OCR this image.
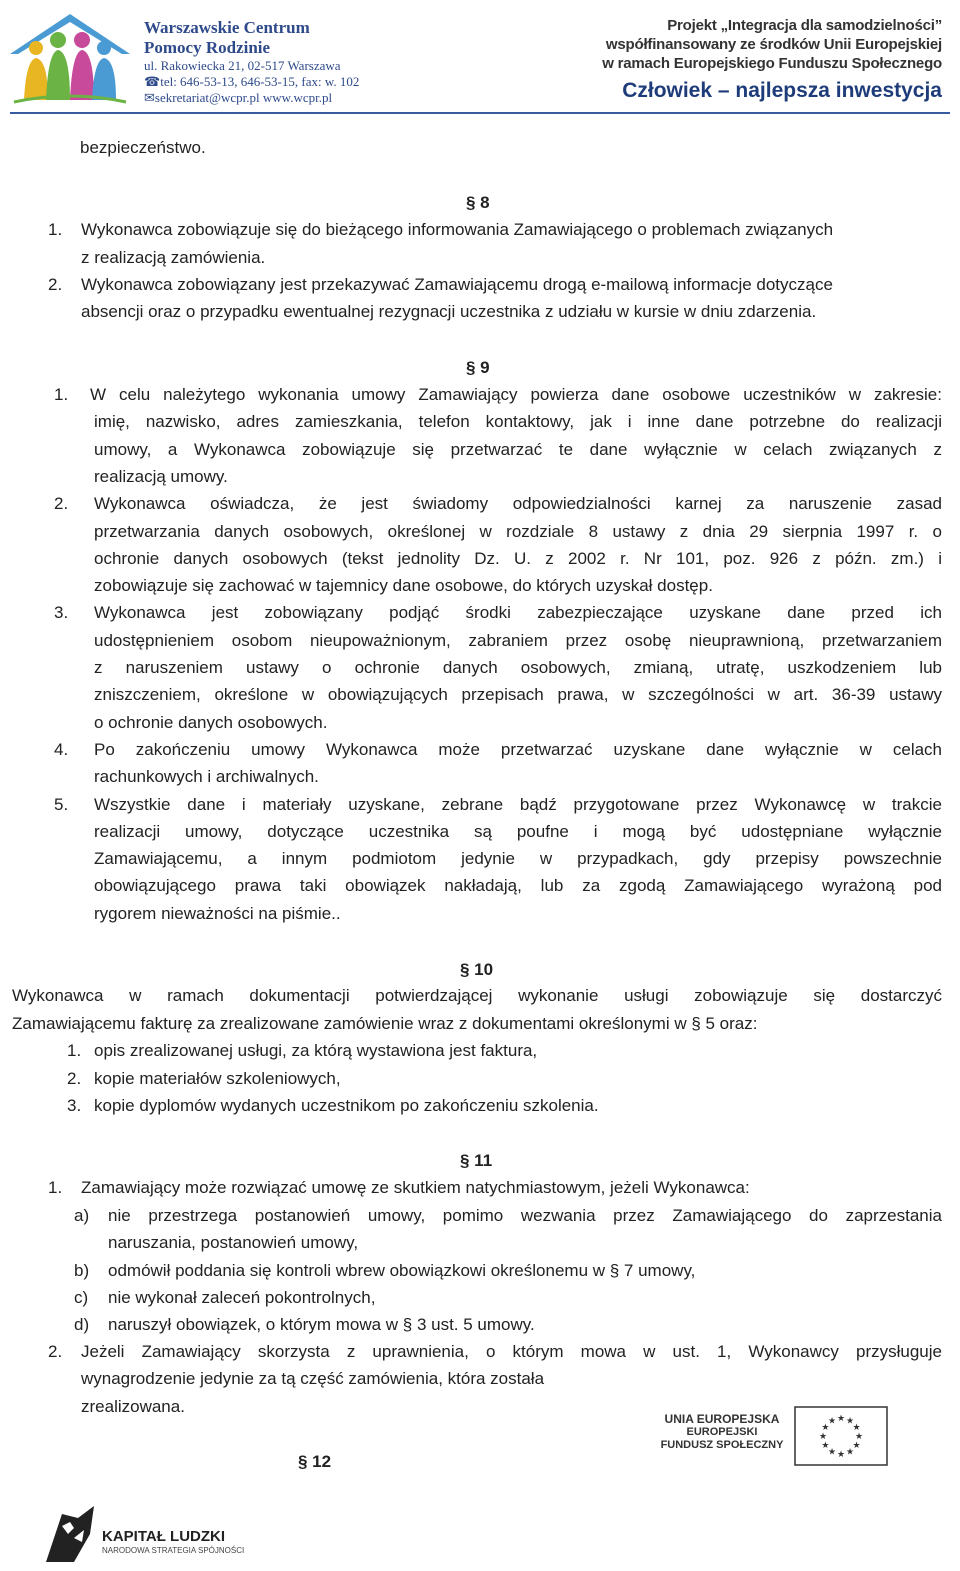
Warszawskie Centrum
Pomocy Rodzinie
ul. Rakowiecka 21, 02-517 Warszawa
☎tel: 646-53-13, 646-53-15, fax: w. 102
✉sekretariat@wcpr.pl www.wcpr.pl
Projekt „Integracja dla samodzielności”
współfinansowany ze środków Unii Europejskiej
w ramach Europejskiego Funduszu Społecznego
Człowiek – najlepsza inwestycja
bezpieczeństwo.
§ 8
1. Wykonawca zobowiązuje się do bieżącego informowania Zamawiającego o problemach związanych
z realizacją zamówienia.
2. Wykonawca zobowiązany jest przekazywać Zamawiającemu drogą e-mailową informacje dotyczące
absencji oraz o przypadku ewentualnej rezygnacji uczestnika z udziału w kursie w dniu zdarzenia.
§ 9
1. W celu należytego wykonania umowy Zamawiający powierza dane osobowe uczestników w zakresie:
imię, nazwisko, adres zamieszkania, telefon kontaktowy, jak i inne dane potrzebne do realizacji
umowy, a Wykonawca zobowiązuje się przetwarzać te dane wyłącznie w celach związanych z
realizacją umowy.
2. Wykonawca oświadcza, że jest świadomy odpowiedzialności karnej za naruszenie zasad
przetwarzania danych osobowych, określonej w rozdziale 8 ustawy z dnia 29 sierpnia 1997 r. o
ochronie danych osobowych (tekst jednolity Dz. U. z 2002 r. Nr 101, poz. 926 z późn. zm.) i
zobowiązuje się zachować w tajemnicy dane osobowe, do których uzyskał dostęp.
3. Wykonawca jest zobowiązany podjąć środki zabezpieczające uzyskane dane przed ich
udostępnieniem osobom nieupoważnionym, zabraniem przez osobę nieuprawnioną, przetwarzaniem
z naruszeniem ustawy o ochronie danych osobowych, zmianą, utratę, uszkodzeniem lub
zniszczeniem, określone w obowiązujących przepisach prawa, w szczególności w art. 36-39 ustawy
o ochronie danych osobowych.
4. Po zakończeniu umowy Wykonawca może przetwarzać uzyskane dane wyłącznie w celach
rachunkowych i archiwalnych.
5. Wszystkie dane i materiały uzyskane, zebrane bądź przygotowane przez Wykonawcę w trakcie
realizacji umowy, dotyczące uczestnika są poufne i mogą być udostępniane wyłącznie
Zamawiającemu, a innym podmiotom jedynie w przypadkach, gdy przepisy powszechnie
obowiązującego prawa taki obowiązek nakładają, lub za zgodą Zamawiającego wyrażoną pod
rygorem nieważności na piśmie..
§ 10
Wykonawca w ramach dokumentacji potwierdzającej wykonanie usługi zobowiązuje się dostarczyć
Zamawiającemu fakturę za zrealizowane zamówienie wraz z dokumentami określonymi w § 5 oraz:
1. opis zrealizowanej usługi, za którą wystawiona jest faktura,
2. kopie materiałów szkoleniowych,
3. kopie dyplomów wydanych uczestnikom po zakończeniu szkolenia.
§ 11
1. Zamawiający może rozwiązać umowę ze skutkiem natychmiastowym, jeżeli Wykonawca:
a) nie przestrzega postanowień umowy, pomimo wezwania przez Zamawiającego do zaprzestania
naruszania, postanowień umowy,
b) odmówił poddania się kontroli wbrew obowiązkowi określonemu w § 7 umowy,
c) nie wykonał zaleceń pokontrolnych,
d) naruszył obowiązek, o którym mowa w § 3 ust. 5 umowy.
2. Jeżeli Zamawiający skorzysta z uprawnienia, o którym mowa w ust. 1, Wykonawcy przysługuje
wynagrodzenie jedynie za tą część zamówienia, która została
zrealizowana.
§ 12
UNIA EUROPEJSKA
EUROPEJSKI
FUNDUSZ SPOŁECZNY
★
★
★
★
★
★
★
★
★ ★ ★
★
KAPITAŁ LUDZKI
NARODOWA STRATEGIA SPÓJNOŚCI
